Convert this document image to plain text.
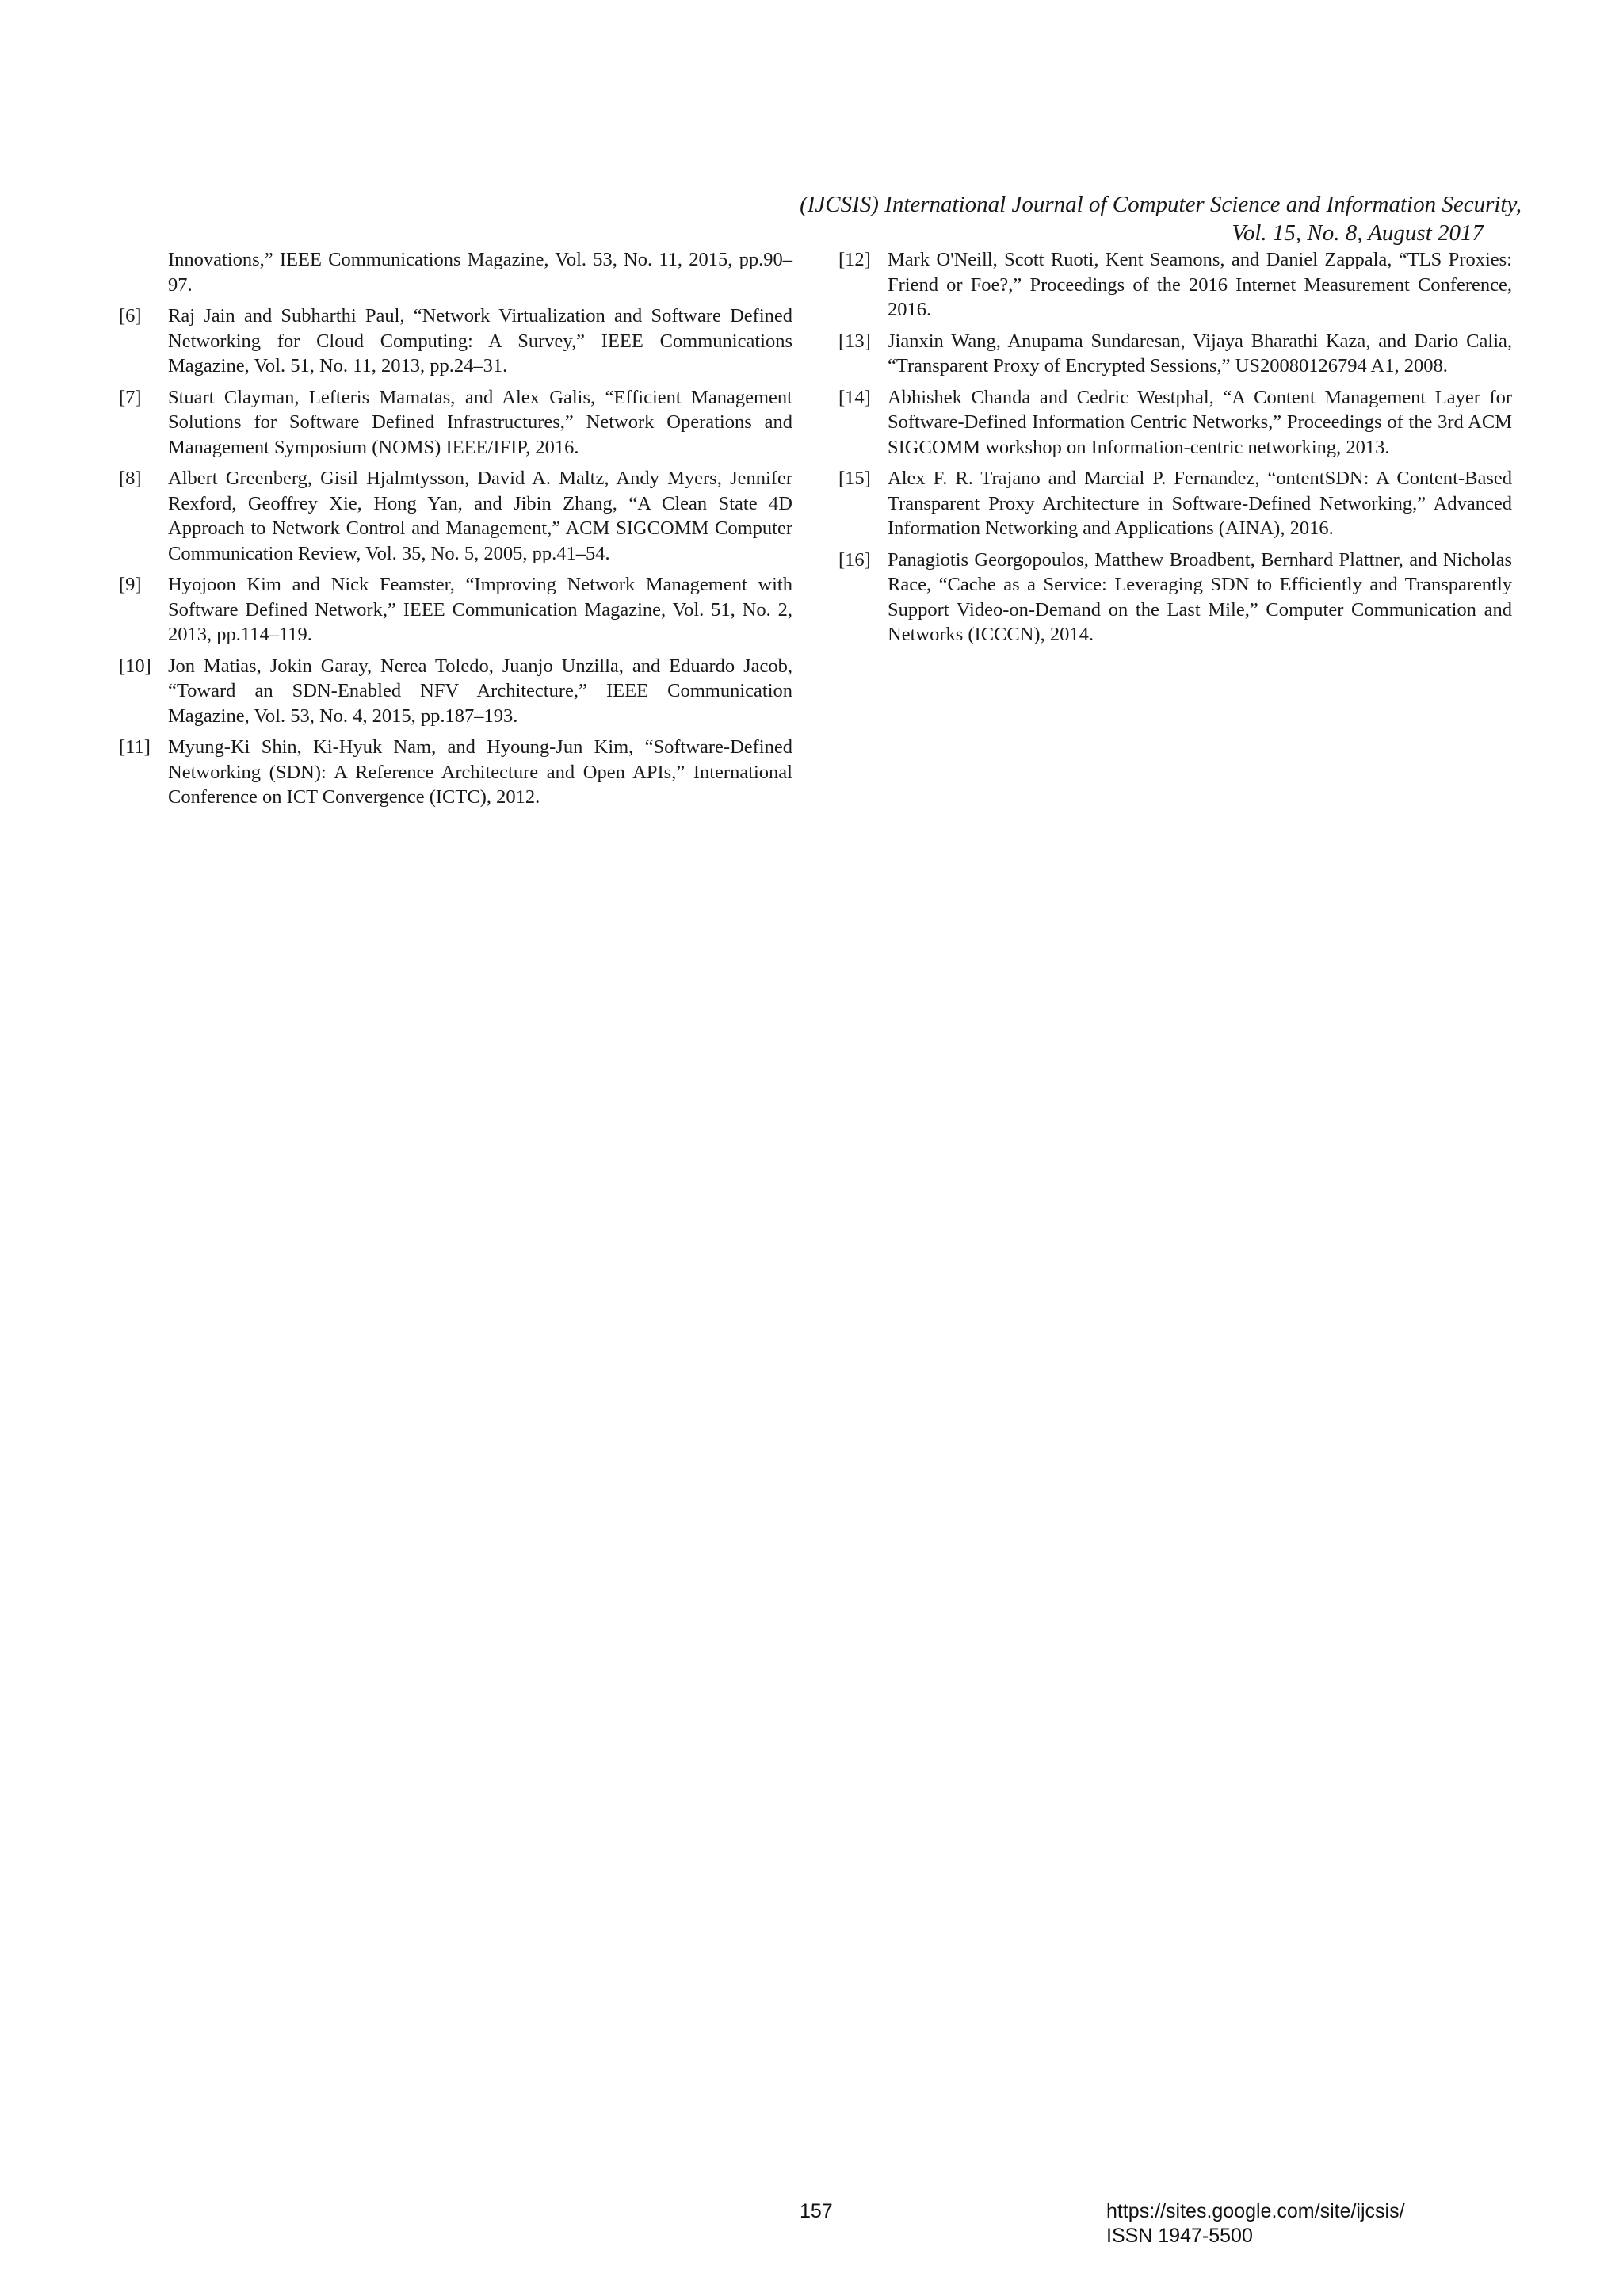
(IJCSIS) International Journal of Computer Science and Information Security,
Vol. 15, No. 8, August 2017
Innovations,” IEEE Communications Magazine, Vol. 53, No. 11, 2015, pp.90–97.
[6] Raj Jain and Subharthi Paul, “Network Virtualization and Software Defined Networking for Cloud Computing: A Survey,” IEEE Communications Magazine, Vol. 51, No. 11, 2013, pp.24–31.
[7] Stuart Clayman, Lefteris Mamatas, and Alex Galis, “Efficient Management Solutions for Software Defined Infrastructures,” Network Operations and Management Symposium (NOMS) IEEE/IFIP, 2016.
[8] Albert Greenberg, Gisil Hjalmtysson, David A. Maltz, Andy Myers, Jennifer Rexford, Geoffrey Xie, Hong Yan, and Jibin Zhang, “A Clean State 4D Approach to Network Control and Management,” ACM SIGCOMM Computer Communication Review, Vol. 35, No. 5, 2005, pp.41–54.
[9] Hyojoon Kim and Nick Feamster, “Improving Network Management with Software Defined Network,” IEEE Communication Magazine, Vol. 51, No. 2, 2013, pp.114–119.
[10] Jon Matias, Jokin Garay, Nerea Toledo, Juanjo Unzilla, and Eduardo Jacob, “Toward an SDN-Enabled NFV Architecture,” IEEE Communication Magazine, Vol. 53, No. 4, 2015, pp.187–193.
[11] Myung-Ki Shin, Ki-Hyuk Nam, and Hyoung-Jun Kim, “Software-Defined Networking (SDN): A Reference Architecture and Open APIs,” International Conference on ICT Convergence (ICTC), 2012.
[12] Mark O'Neill, Scott Ruoti, Kent Seamons, and Daniel Zappala, “TLS Proxies: Friend or Foe?,” Proceedings of the 2016 Internet Measurement Conference, 2016.
[13] Jianxin Wang, Anupama Sundaresan, Vijaya Bharathi Kaza, and Dario Calia, “Transparent Proxy of Encrypted Sessions,” US20080126794 A1, 2008.
[14] Abhishek Chanda and Cedric Westphal, “A Content Management Layer for Software-Defined Information Centric Networks,” Proceedings of the 3rd ACM SIGCOMM workshop on Information-centric networking, 2013.
[15] Alex F. R. Trajano and Marcial P. Fernandez, “ontentSDN: A Content-Based Transparent Proxy Architecture in Software-Defined Networking,” Advanced Information Networking and Applications (AINA), 2016.
[16] Panagiotis Georgopoulos, Matthew Broadbent, Bernhard Plattner, and Nicholas Race, “Cache as a Service: Leveraging SDN to Efficiently and Transparently Support Video-on-Demand on the Last Mile,” Computer Communication and Networks (ICCCN), 2014.
157	https://sites.google.com/site/ijcsis/
ISSN 1947-5500
